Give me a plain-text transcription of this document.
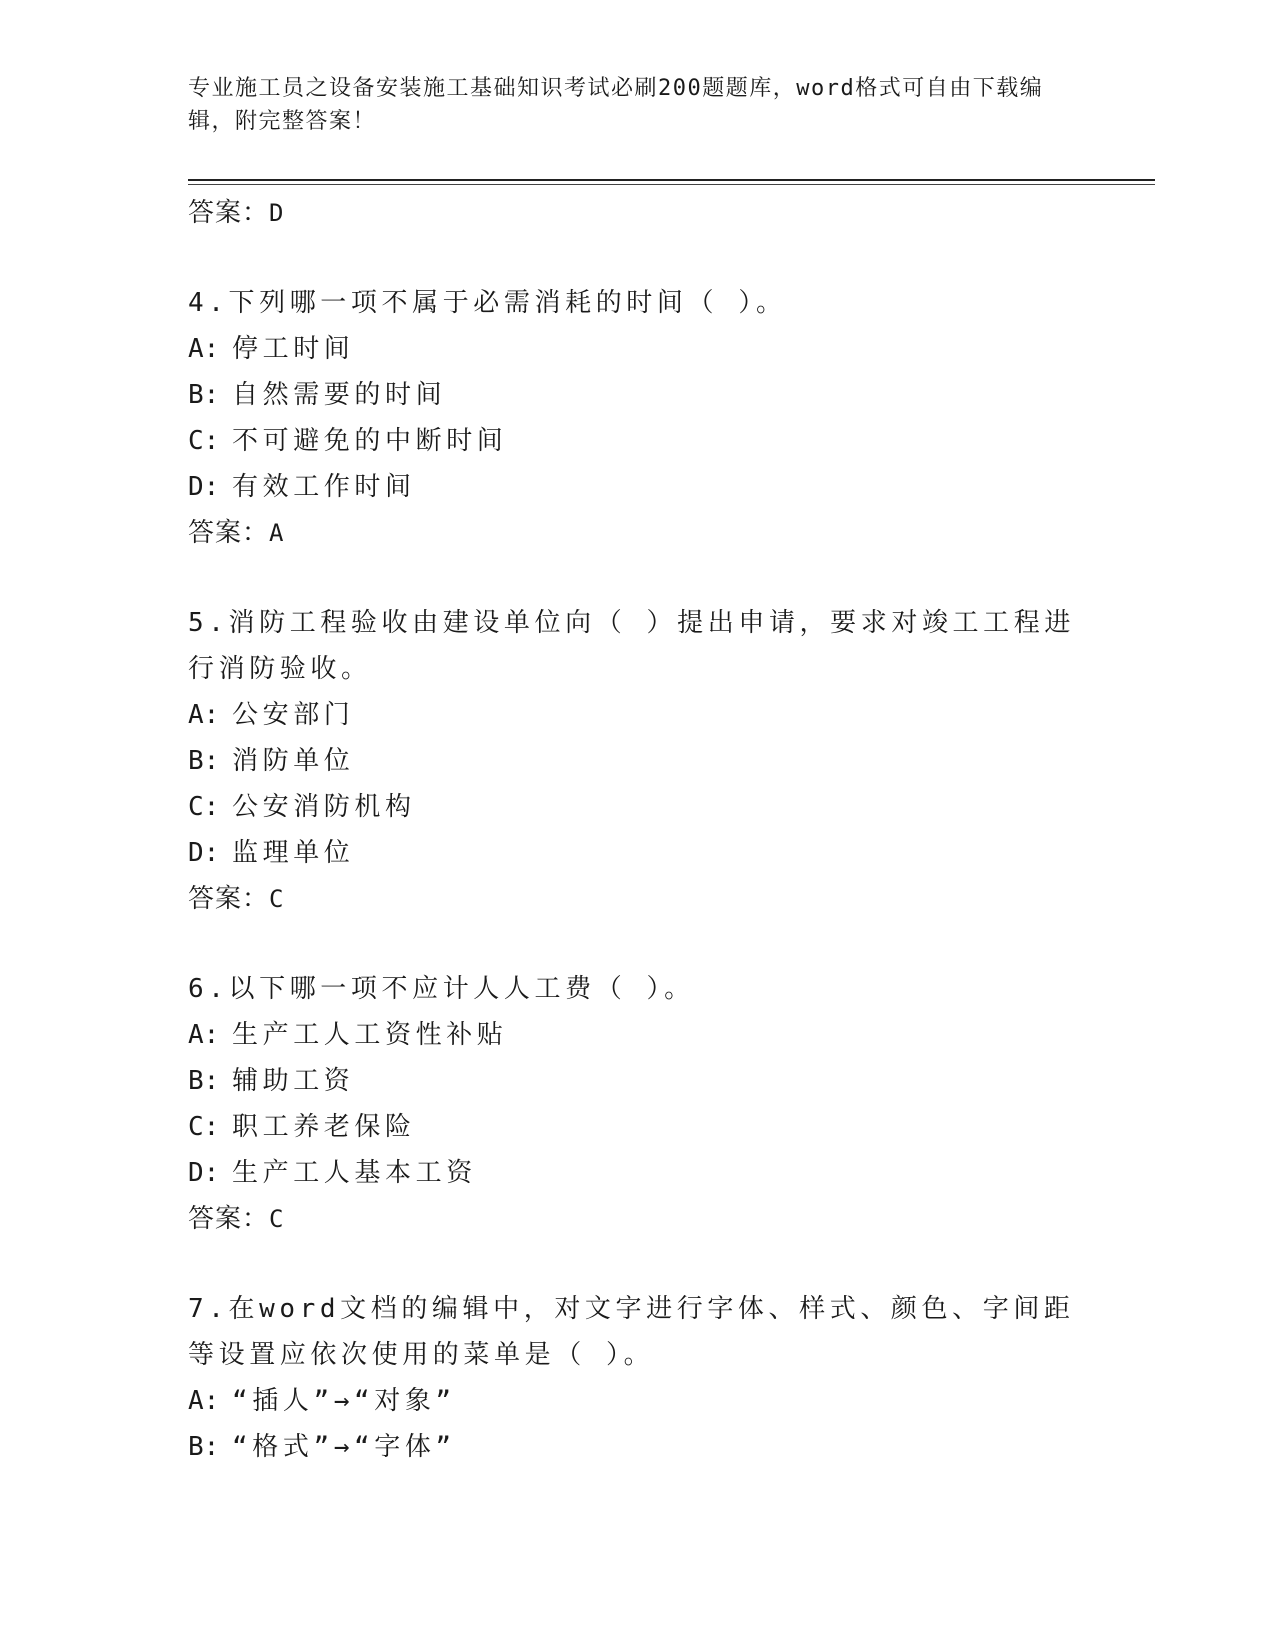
专业施工员之设备安装施工基础知识考试必刷200题题库，word格式可自由下载编辑，附完整答案！
答案：D
4.下列哪一项不属于必需消耗的时间（ ）。
A: 停工时间
B: 自然需要的时间
C: 不可避免的中断时间
D: 有效工作时间
答案：A
5.消防工程验收由建设单位向（ ）提出申请，要求对竣工工程进行消防验收。
A: 公安部门
B: 消防单位
C: 公安消防机构
D: 监理单位
答案：C
6.以下哪一项不应计人人工费（ ）。
A: 生产工人工资性补贴
B: 辅助工资
C: 职工养老保险
D: 生产工人基本工资
答案：C
7.在word文档的编辑中，对文字进行字体、样式、颜色、字间距等设置应依次使用的菜单是（ ）。
A: “插人”→“对象”
B: “格式”→“字体”
